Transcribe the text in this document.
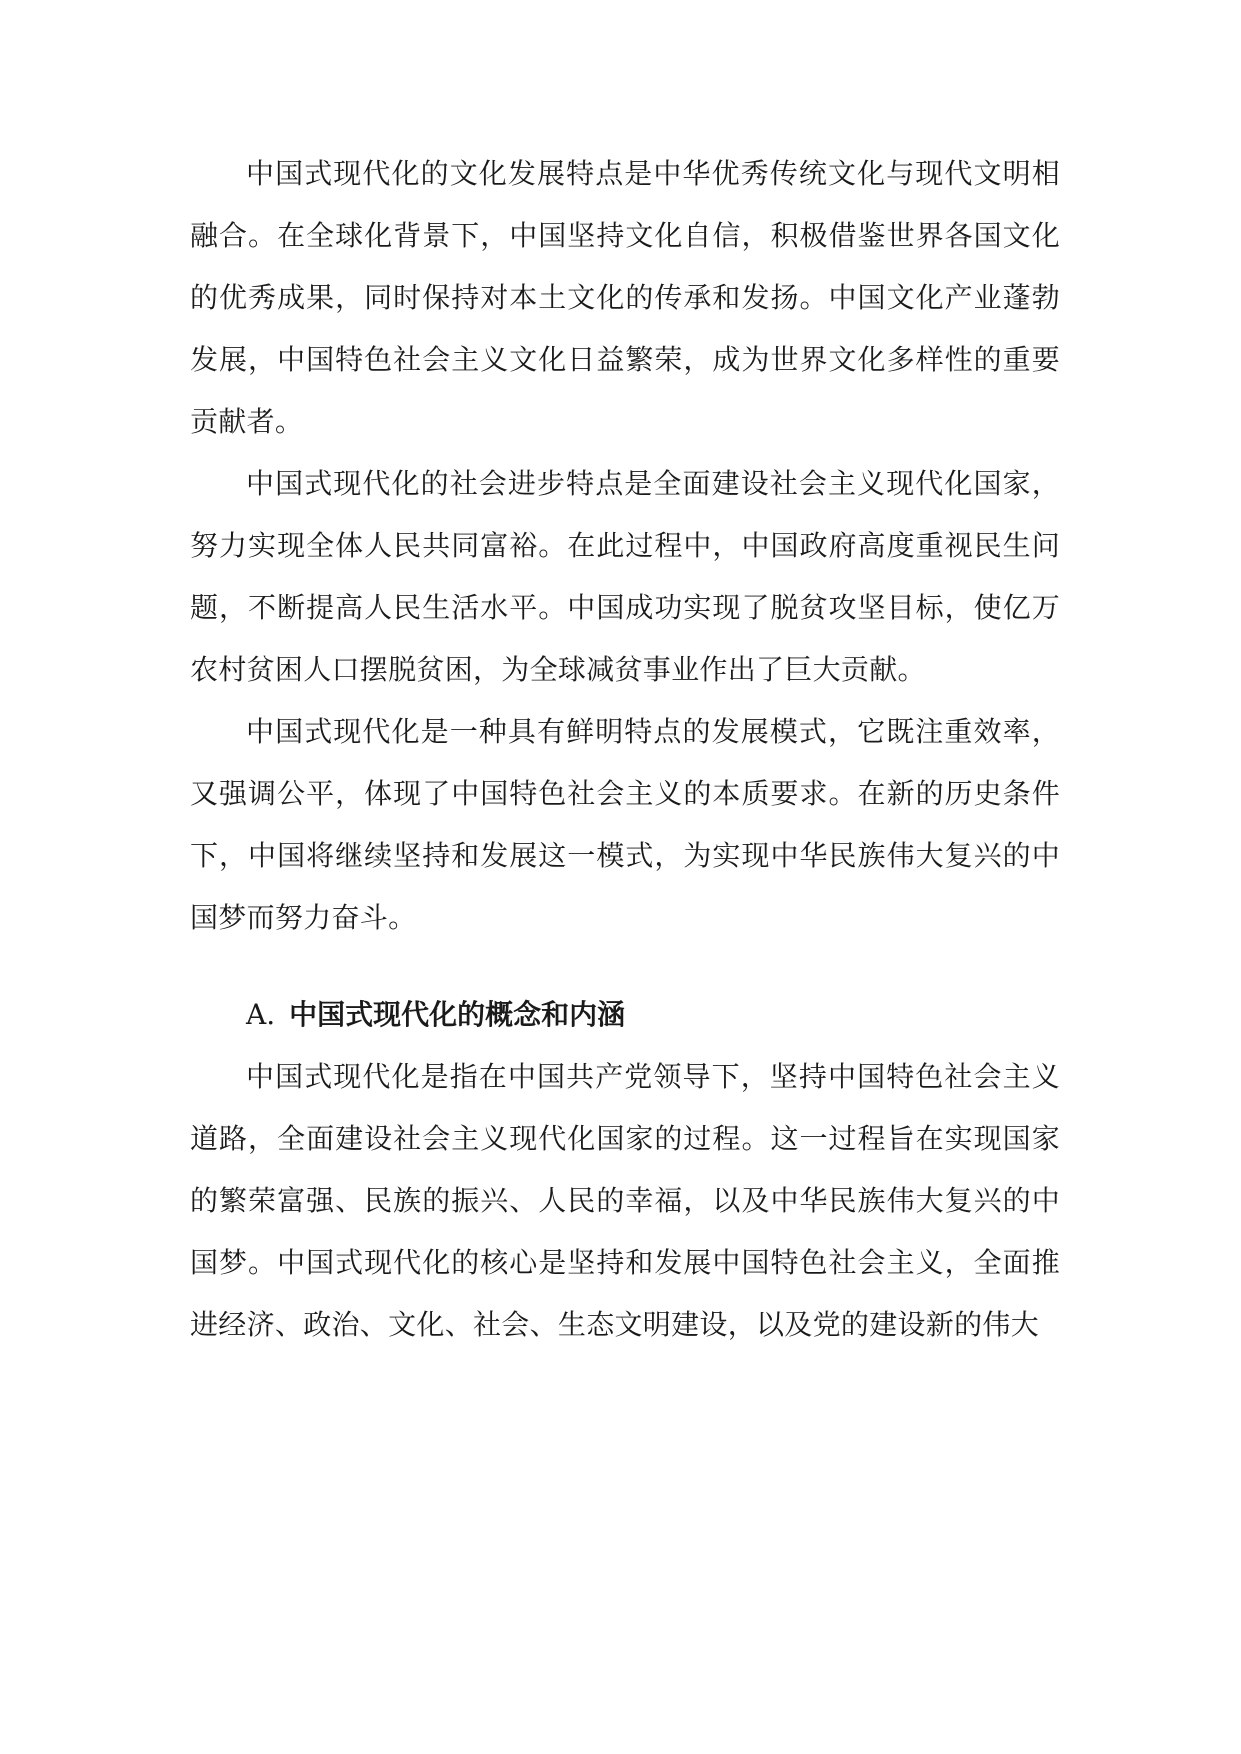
中国式现代化的文化发展特点是中华优秀传统文化与现代文明相融合。在全球化背景下，中国坚持文化自信，积极借鉴世界各国文化的优秀成果，同时保持对本土文化的传承和发扬。中国文化产业蓬勃发展，中国特色社会主义文化日益繁荣，成为世界文化多样性的重要贡献者。

中国式现代化的社会进步特点是全面建设社会主义现代化国家，努力实现全体人民共同富裕。在此过程中，中国政府高度重视民生问题，不断提高人民生活水平。中国成功实现了脱贫攻坚目标，使亿万农村贫困人口摆脱贫困，为全球减贫事业作出了巨大贡献。

中国式现代化是一种具有鲜明特点的发展模式，它既注重效率，又强调公平，体现了中国特色社会主义的本质要求。在新的历史条件下，中国将继续坚持和发展这一模式，为实现中华民族伟大复兴的中国梦而努力奋斗。

A. 中国式现代化的概念和内涵

中国式现代化是指在中国共产党领导下，坚持中国特色社会主义道路，全面建设社会主义现代化国家的过程。这一过程旨在实现国家的繁荣富强、民族的振兴、人民的幸福，以及中华民族伟大复兴的中国梦。中国式现代化的核心是坚持和发展中国特色社会主义，全面推进经济、政治、文化、社会、生态文明建设，以及党的建设新的伟大
